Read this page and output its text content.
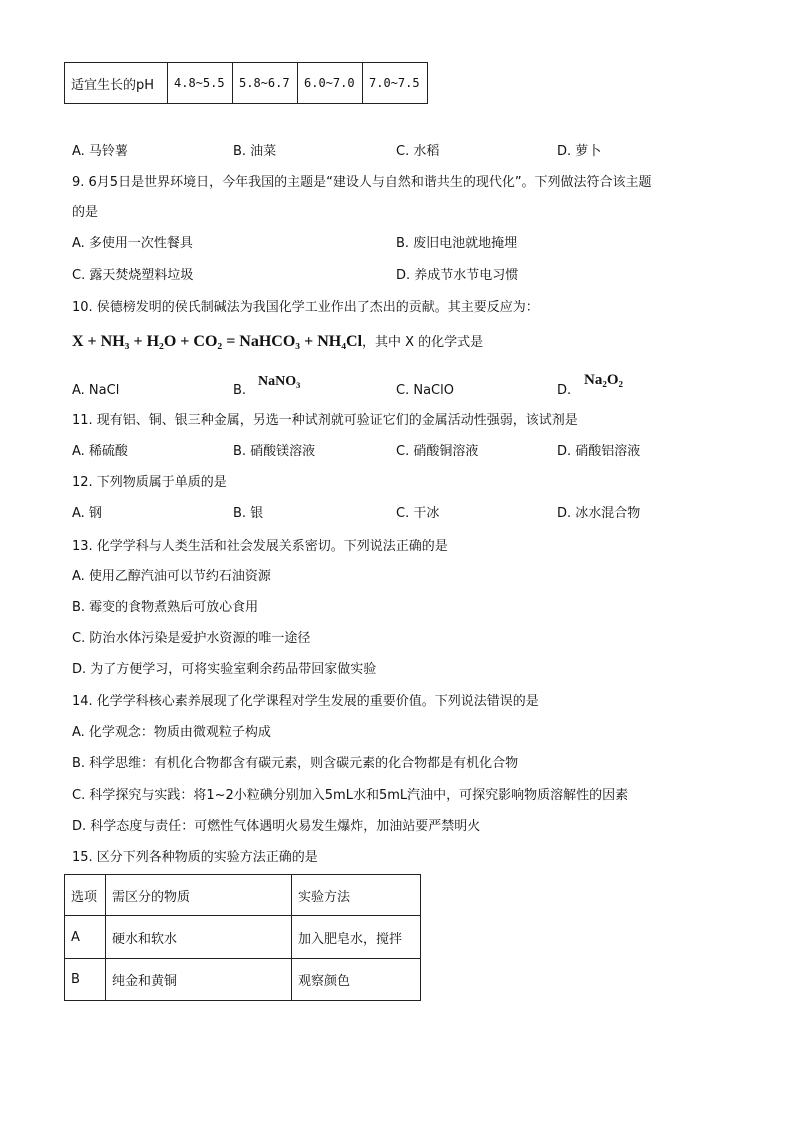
适宜生长的pH	4.8~5.5	5.8~6.7	6.0~7.0	7.0~7.5
A. 马铃薯	B. 油菜	C. 水稻	D. 萝卜
9. 6月5日是世界环境日，今年我国的主题是“建设人与自然和谐共生的现代化”。下列做法符合该主题
的是
A. 多使用一次性餐具	B. 废旧电池就地掩埋
C. 露天焚烧塑料垃圾	D. 养成节水节电习惯
10. 侯德榜发明的侯氏制碱法为我国化学工业作出了杰出的贡献。其主要反应为：
X + NH₃ + H₂O + CO₂ = NaHCO₃ + NH₄Cl，其中 X 的化学式是
A. NaCl	B.
NaNO₃
C. NaClO	D.
Na₂O₂
11. 现有铝、铜、银三种金属，另选一种试剂就可验证它们的金属活动性强弱，该试剂是
A. 稀硫酸	B. 硝酸镁溶液	C. 硝酸铜溶液	D. 硝酸铝溶液
12. 下列物质属于单质的是
A. 钢	B. 银	C. 干冰	D. 冰水混合物
13. 化学学科与人类生活和社会发展关系密切。下列说法正确的是
A. 使用乙醇汽油可以节约石油资源
B. 霉变的食物煮熟后可放心食用
C. 防治水体污染是爱护水资源的唯一途径
D. 为了方便学习，可将实验室剩余药品带回家做实验
14. 化学学科核心素养展现了化学课程对学生发展的重要价值。下列说法错误的是
A. 化学观念：物质由微观粒子构成
B. 科学思维：有机化合物都含有碳元素，则含碳元素的化合物都是有机化合物
C. 科学探究与实践：将1~2小粒碘分别加入5mL水和5mL汽油中，可探究影响物质溶解性的因素
D. 科学态度与责任：可燃性气体遇明火易发生爆炸，加油站要严禁明火
15. 区分下列各种物质的实验方法正确的是
选项	需区分的物质	实验方法
A	硬水和软水	加入肥皂水，搅拌
B	纯金和黄铜	观察颜色
